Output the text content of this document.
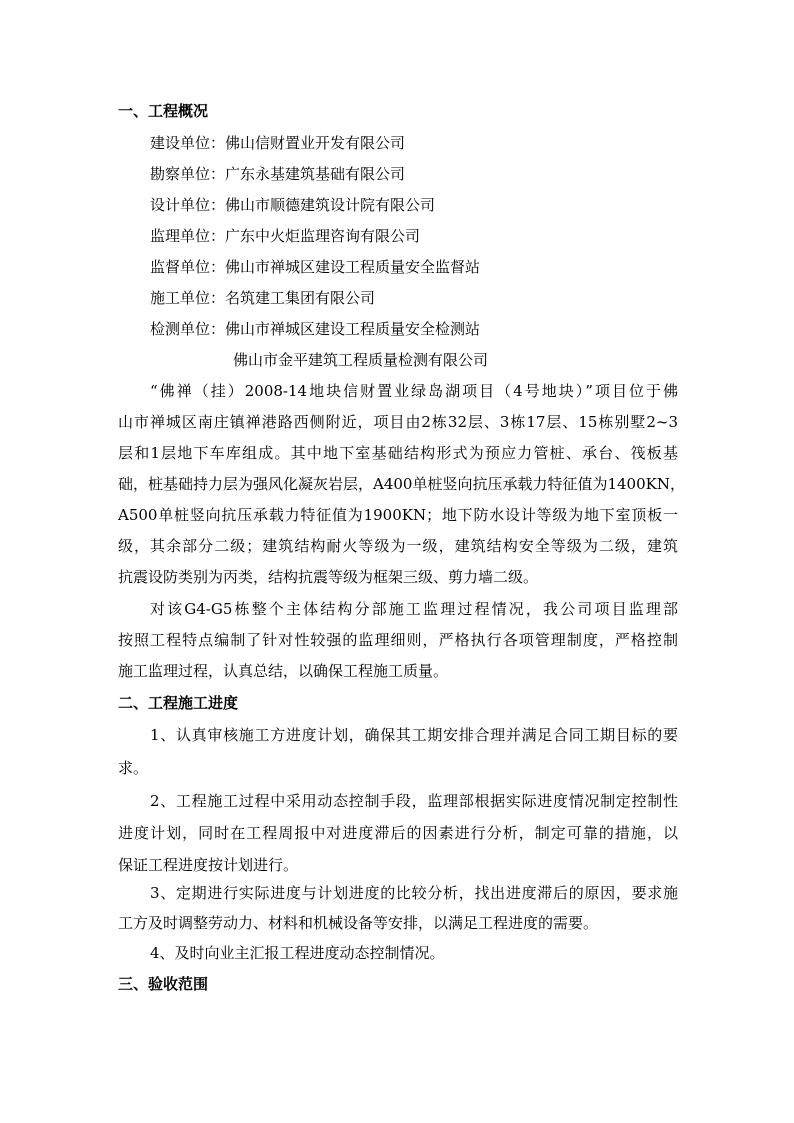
一、工程概况
建设单位：佛山信财置业开发有限公司
勘察单位：广东永基建筑基础有限公司
设计单位：佛山市顺德建筑设计院有限公司
监理单位：广东中火炬监理咨询有限公司
监督单位：佛山市禅城区建设工程质量安全监督站
施工单位：名筑建工集团有限公司
检测单位：佛山市禅城区建设工程质量安全检测站
佛山市金平建筑工程质量检测有限公司
“佛禅（挂）2008-14地块信财置业绿岛湖项目（4号地块）”项目位于佛
山市禅城区南庄镇禅港路西侧附近，项目由2栋32层、3栋17层、15栋别墅2~3
层和1层地下车库组成。其中地下室基础结构形式为预应力管桩、承台、筏板基
础，桩基础持力层为强风化凝灰岩层，A400单桩竖向抗压承载力特征值为1400KN，
A500单桩竖向抗压承载力特征值为1900KN；地下防水设计等级为地下室顶板一
级，其余部分二级；建筑结构耐火等级为一级，建筑结构安全等级为二级，建筑
抗震设防类别为丙类，结构抗震等级为框架三级、剪力墙二级。
对该G4-G5栋整个主体结构分部施工监理过程情况，我公司项目监理部
按照工程特点编制了针对性较强的监理细则，严格执行各项管理制度，严格控制
施工监理过程，认真总结，以确保工程施工质量。
二、工程施工进度
1、认真审核施工方进度计划，确保其工期安排合理并满足合同工期目标的要
求。
2、工程施工过程中采用动态控制手段，监理部根据实际进度情况制定控制性
进度计划，同时在工程周报中对进度滞后的因素进行分析，制定可靠的措施，以
保证工程进度按计划进行。
3、定期进行实际进度与计划进度的比较分析，找出进度滞后的原因，要求施
工方及时调整劳动力、材料和机械设备等安排，以满足工程进度的需要。
4、及时向业主汇报工程进度动态控制情况。
三、验收范围
